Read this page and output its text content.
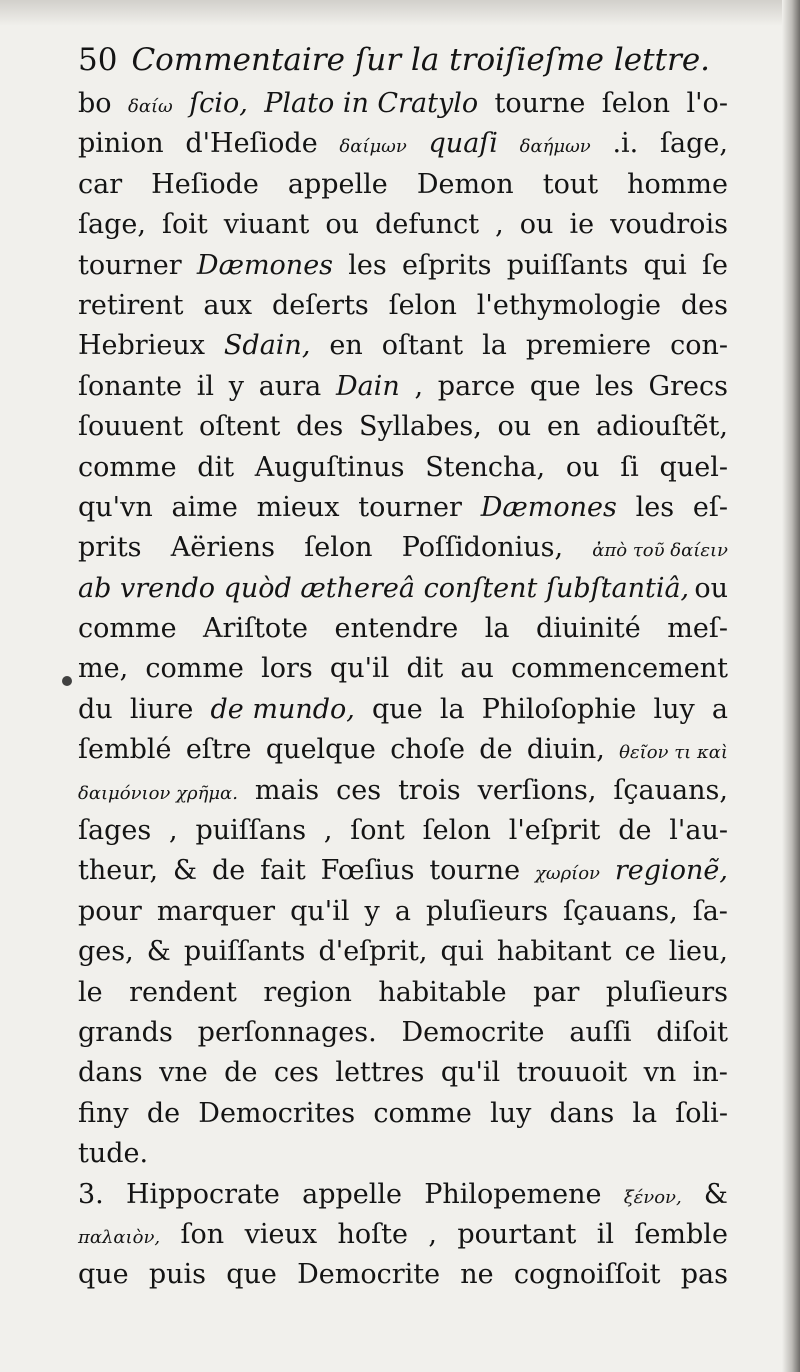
50 Commentaire ſur la troiſieſme lettre.
bo δαίω ſcio, Plato in Cratylo tourne ſelon l'o-
pinion d'Heſiode δαίμων quaſi δαήμων .i. ſage,
car Heſiode appelle Demon tout homme
ſage, ſoit viuant ou defunct , ou ie voudrois
tourner Dæmones les eſprits puiſſants qui ſe
retirent aux deſerts ſelon l'ethymologie des
Hebrieux Sdain, en oſtant la premiere con-
ſonante il y aura Dain , parce que les Grecs
ſouuent oſtent des Syllabes, ou en adiouſtẽt,
comme dit Auguſtinus Stencha, ou ſi quel-
qu'vn aime mieux tourner Dæmones les eſ-
prits Aëriens ſelon Poſſidonius, ἀπὸ τοῦ δαίειν
ab vrendo quòd æthereâ conſtent ſubſtantiâ, ou
comme Ariſtote entendre la diuinité meſ-
me, comme lors qu'il dit au commencement
du liure de mundo, que la Philoſophie luy a
ſemblé eſtre quelque choſe de diuin, θεῖον τι καὶ
δαιμόνιον χρῆμα. mais ces trois verſions, ſçauans,
ſages , puiſſans , ſont ſelon l'eſprit de l'au-
theur, & de fait Fœſius tourne χωρίον regionẽ,
pour marquer qu'il y a pluſieurs ſçauans, ſa-
ges, & puiſſants d'eſprit, qui habitant ce lieu,
le rendent region habitable par pluſieurs
grands perſonnages. Democrite auſſi diſoit
dans vne de ces lettres qu'il trouuoit vn in-
finy de Democrites comme luy dans la ſoli-
tude.
3. Hippocrate appelle Philopemene ξένον, &
παλαιὸν, ſon vieux hoſte , pourtant il ſemble
que puis que Democrite ne cognoiſſoit pas
